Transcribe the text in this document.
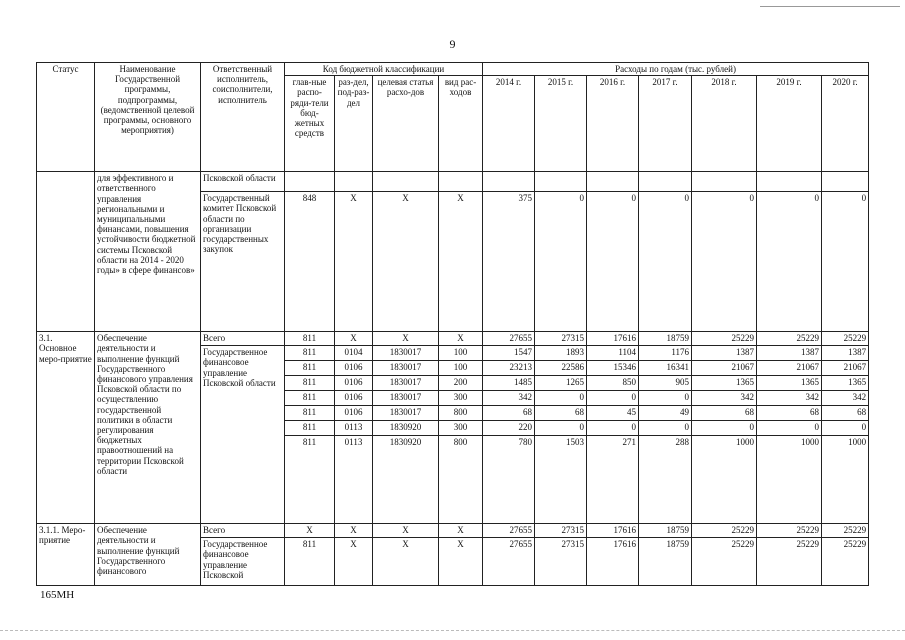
9
Статус	Наименование Государственной программы, подпрограммы, (ведомственной целевой программы, основного мероприятия)	Ответственный исполнитель, соисполнители, исполнитель	Код бюджетной классификации				Расходы по годам (тыс. рублей)						
			глав-ные распо-ряди-тели бюд-жетных средств	раз-дел, под-раз-дел	целевая статья расхо-дов	вид рас-ходов	2014 г.	2015 г.	2016 г.	2017 г.	2018 г.	2019 г.	2020 г.
	для эффективного и ответственного управления региональными и муниципальными финансами, повышения устойчивости бюджетной системы Псковской области на 2014 - 2020 годы» в сфере финансов»	Псковской области											
		Государственный комитет Псковской области по организации государственных закупок	848	X	X	X	375	0	0	0	0	0	0
3.1. Основное меро-приятие	Обеспечение деятельности и выполнение функций Государственного финансового управления Псковской области по осуществлению государственной политики в области регулирования бюджетных правоотношений на территории Псковской области	Всего	811	X	X	X	27655	27315	17616	18759	25229	25229	25229
		Государственное финансовое управление Псковской области	811	0104	1830017	100	1547	1893	1104	1176	1387	1387	1387
			811	0106	1830017	100	23213	22586	15346	16341	21067	21067	21067
			811	0106	1830017	200	1485	1265	850	905	1365	1365	1365
			811	0106	1830017	300	342	0	0	0	342	342	342
			811	0106	1830017	800	68	68	45	49	68	68	68
			811	0113	1830920	300	220	0	0	0	0	0	0
			811	0113	1830920	800	780	1503	271	288	1000	1000	1000
3.1.1. Меро-приятие	Обеспечение деятельности и выполнение функций Государственного финансового	Всего	X	X	X	X	27655	27315	17616	18759	25229	25229	25229
		Государственное финансовое управление Псковской	811	X	X	X	27655	27315	17616	18759	25229	25229	25229
165МН
